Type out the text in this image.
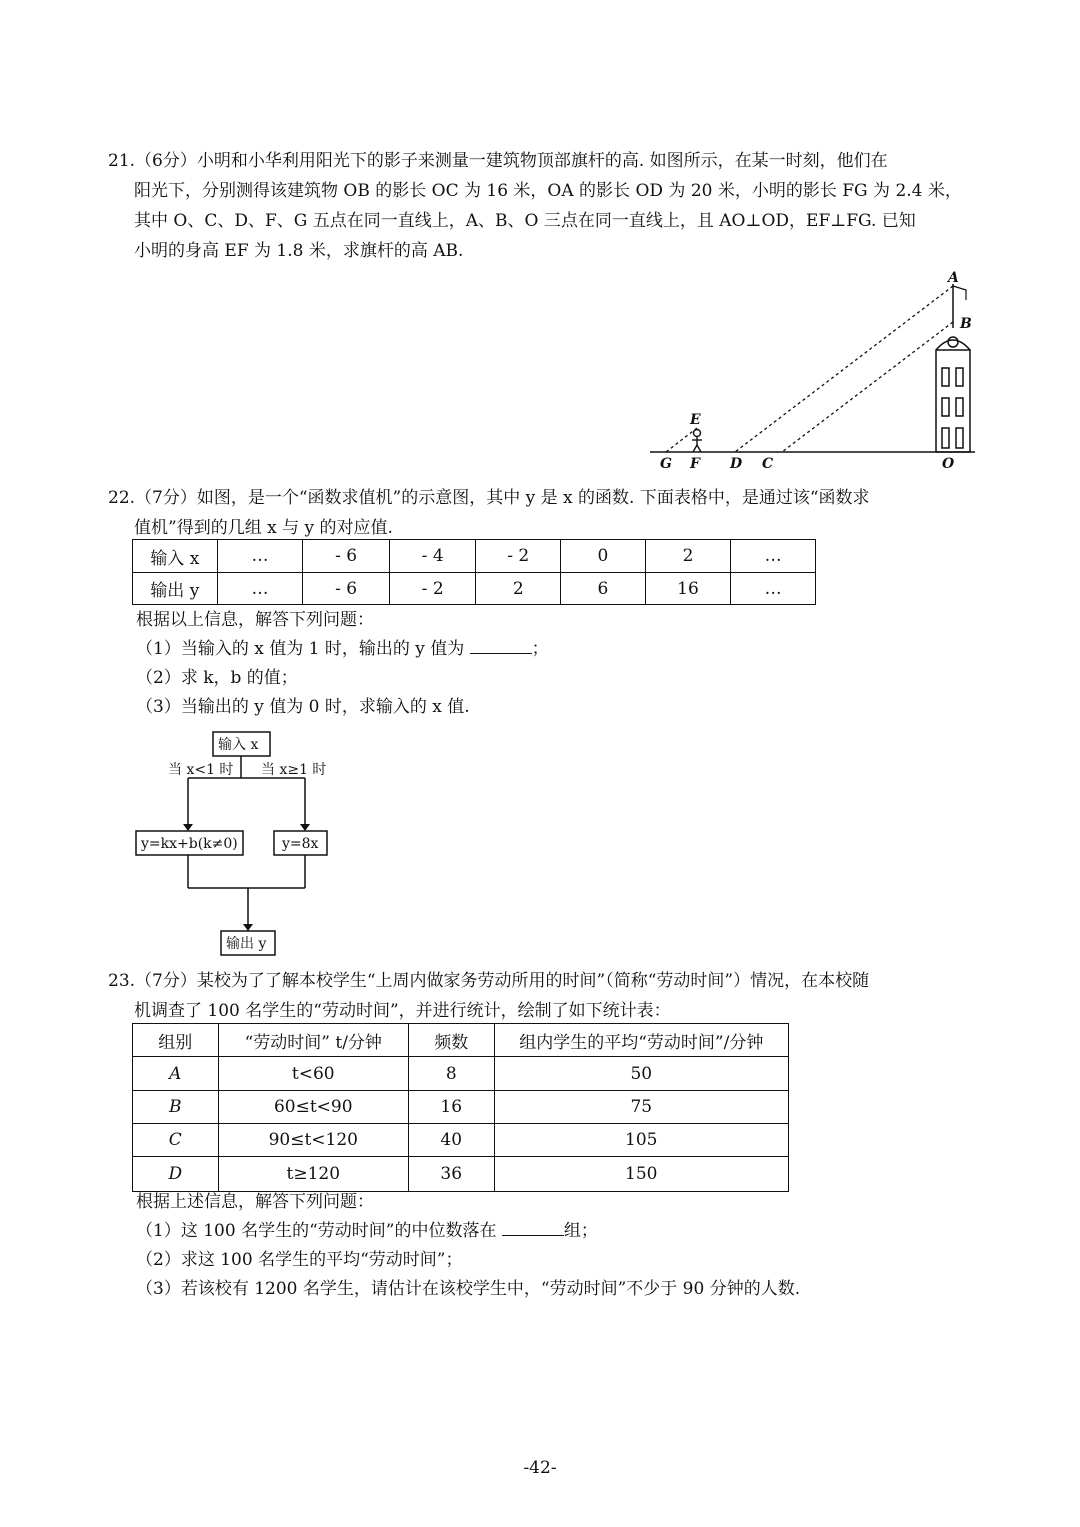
21.（6分）小明和小华利用阳光下的影子来测量一建筑物顶部旗杆的高. 如图所示，在某一时刻，他们在

阳光下，分别测得该建筑物 OB 的影长 OC 为 16 米，OA 的影长 OD 为 20 米，小明的影长 FG 为 2.4 米，

其中 O、C、D、F、G 五点在同一直线上，A、B、O 三点在同一直线上，且 AO⊥OD，EF⊥FG. 已知

小明的身高 EF 为 1.8 米，求旗杆的高 AB.

A
B
E
G F D C	O

22.（7分）如图，是一个“函数求值机”的示意图，其中 y 是 x 的函数. 下面表格中，是通过该“函数求

值机”得到的几组 x 与 y 的对应值.

输入 x	…	- 6	- 4	- 2	0	2	…
输出 y	…	- 6	- 2	2	6	16	…

根据以上信息，解答下列问题：

（1）当输入的 x 值为 1 时，输出的 y 值为	；

（2）求 k，b 的值；

（3）当输出的 y 值为 0 时，求输入的 x 值.

输入 x
当 x<1 时 当 x≥1 时
y=kx+b(k≠0)	y=8x
输出 y

23.（7分）某校为了了解本校学生“上周内做家务劳动所用的时间”（简称“劳动时间”）情况，在本校随

机调查了 100 名学生的“劳动时间”，并进行统计，绘制了如下统计表：

组别	“劳动时间” t/分钟	频数	组内学生的平均“劳动时间”/分钟
A	t<60	8	50
B	60≤t<90	16	75
C	90≤t<120	40	105
D	t≥120	36	150

根据上述信息，解答下列问题：

（1）这 100 名学生的“劳动时间”的中位数落在	组；

（2）求这 100 名学生的平均“劳动时间”；

（3）若该校有 1200 名学生，请估计在该校学生中，“劳动时间”不少于 90 分钟的人数.

-42-
